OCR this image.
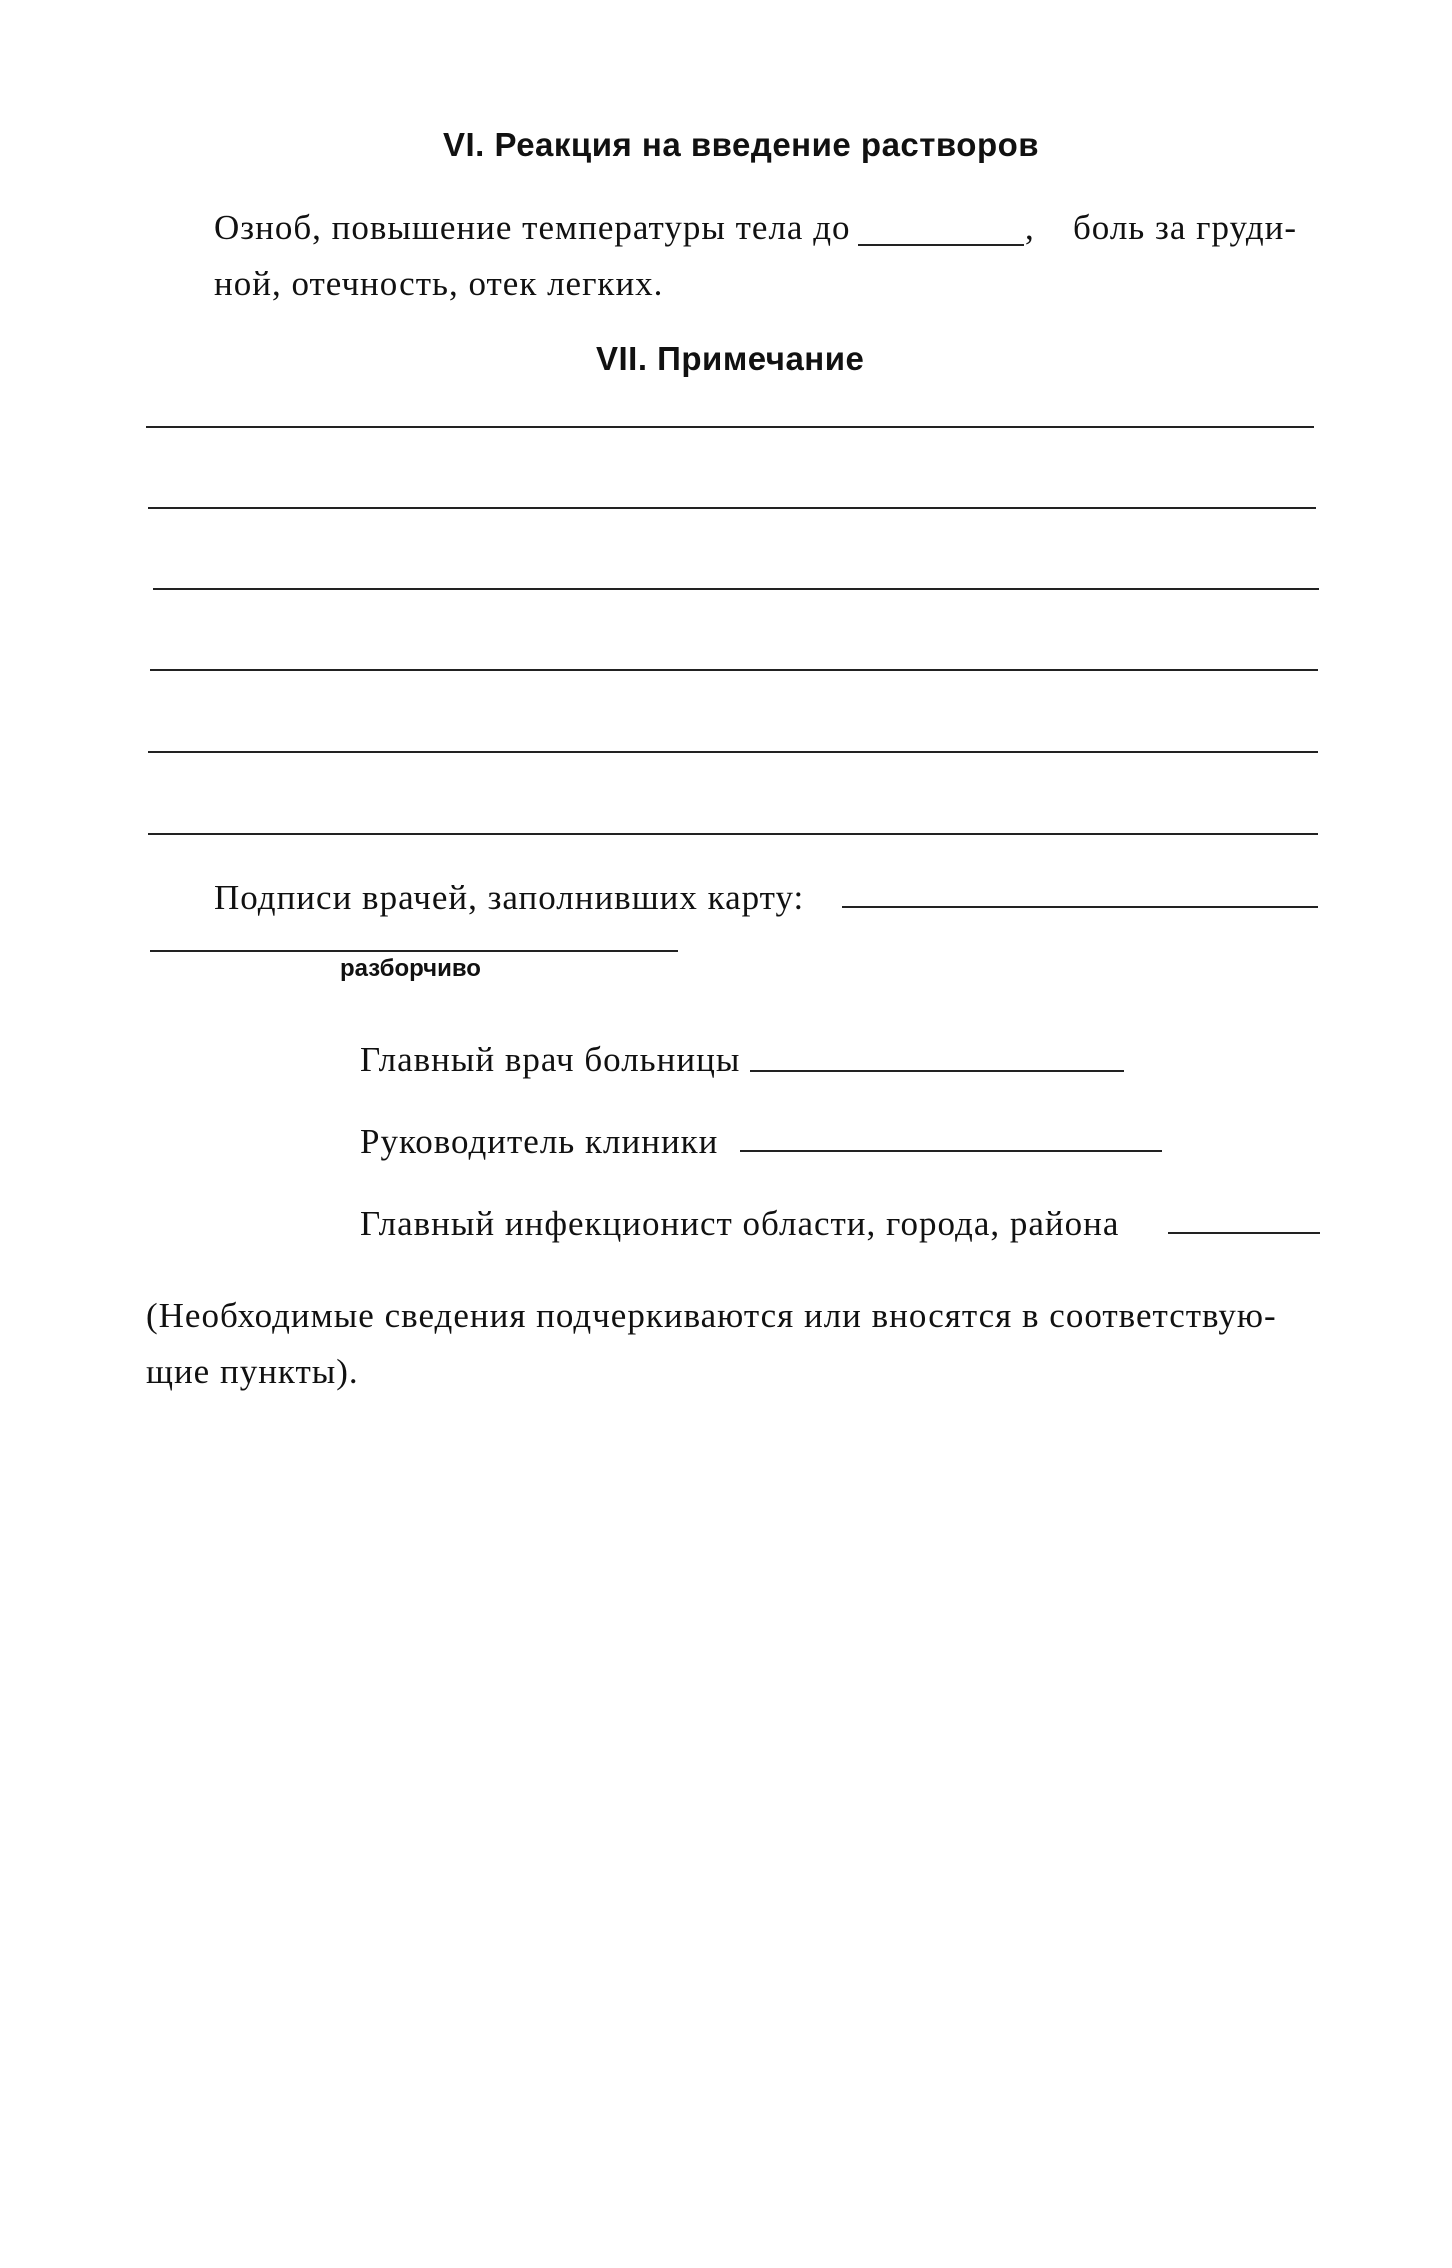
VI. Реакция на введение растворов
Озноб, повышение температуры тела до	, боль за груди-
ной, отечность, отек легких.
VII. Примечание
Подписи врачей, заполнивших карту:
разборчиво
Главный врач больницы
Руководитель клиники
Главный инфекционист области, города, района
(Необходимые сведения подчеркиваются или вносятся в соответствую-
щие пункты).
